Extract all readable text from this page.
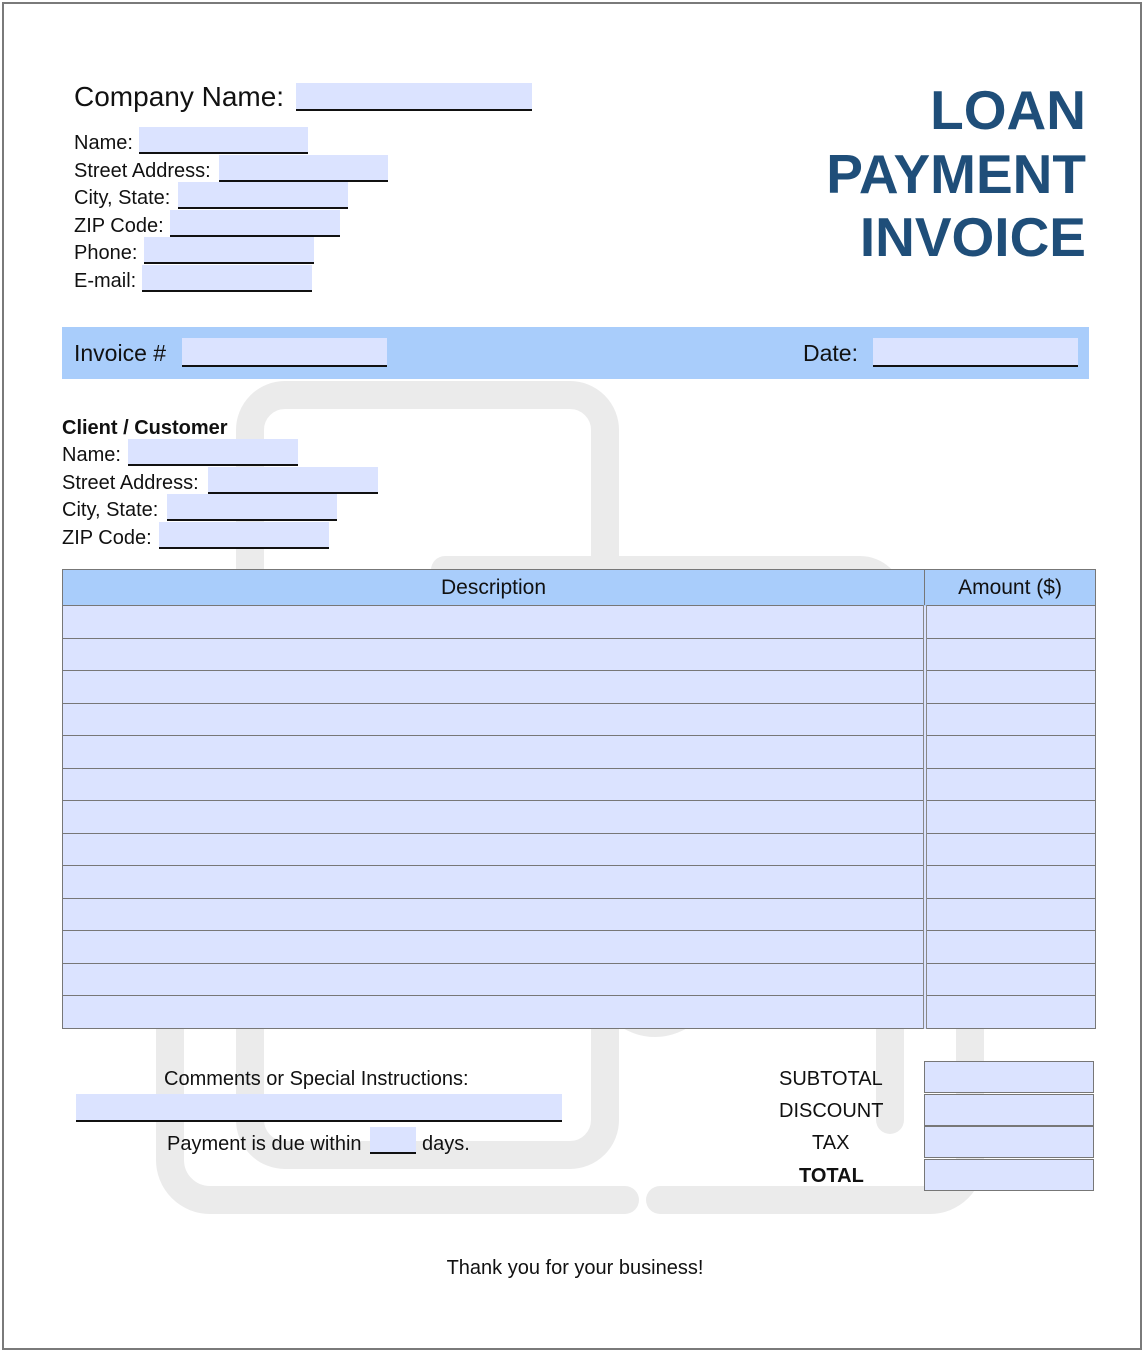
Company Name:
Name:
Street Address:
City, State:
ZIP Code:
Phone:
E-mail:
LOAN
PAYMENT
INVOICE
Invoice #	Date:
Client / Customer
Name:
Street Address:
City, State:
ZIP Code:
Description	Amount ($)

Comments or Special Instructions:
Payment is due within	days.
SUBTOTAL
DISCOUNT
TAX
TOTAL
Thank you for your business!
